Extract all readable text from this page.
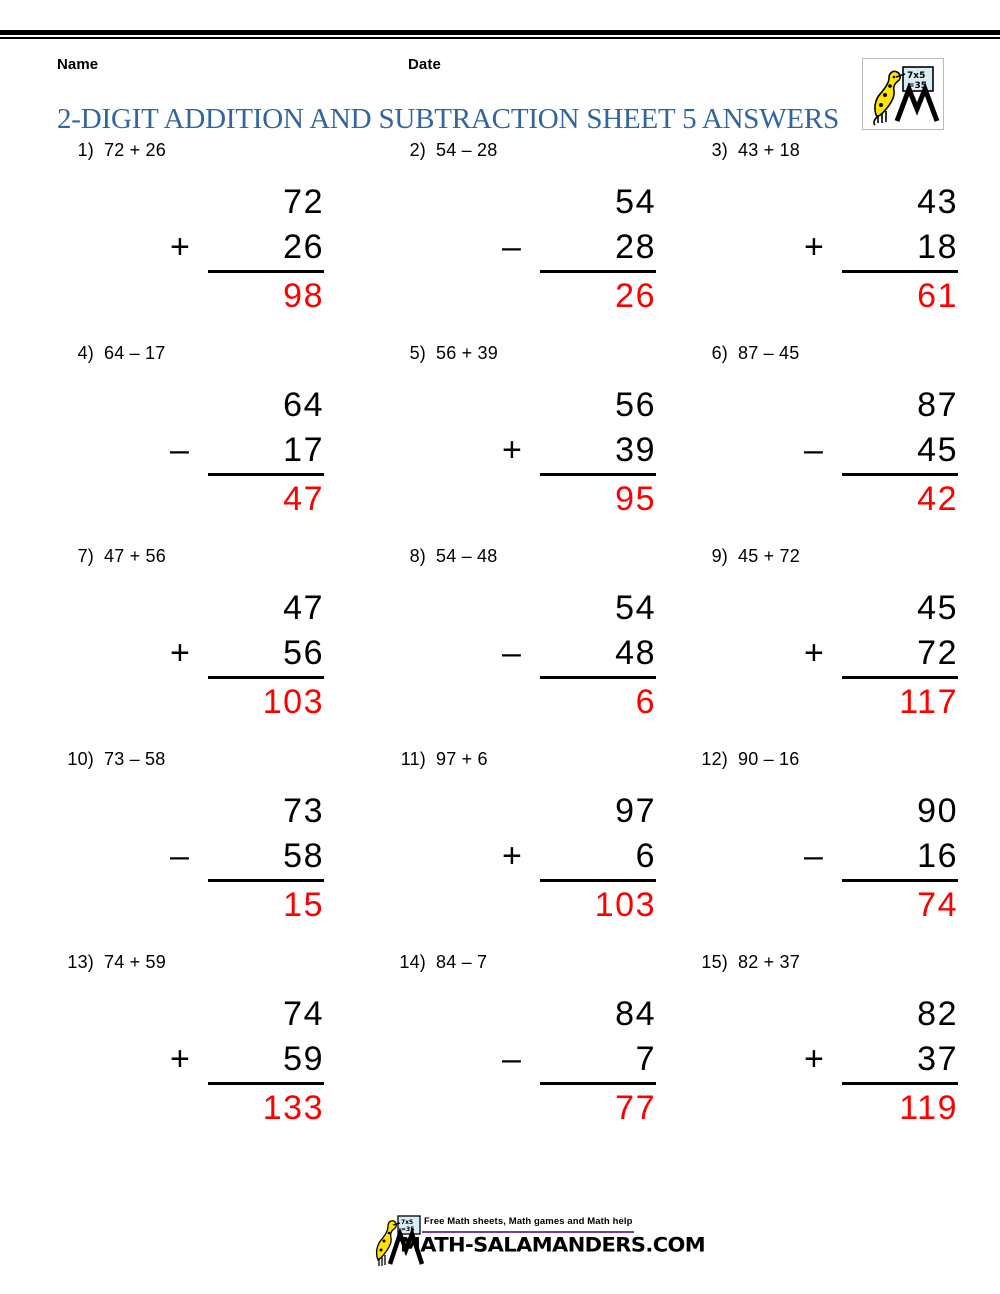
Name	Date
7x5
=35
2-DIGIT ADDITION AND SUBTRACTION SHEET 5 ANSWERS
1) 72 + 26
72
+	26
98
2) 54 – 28
54
–	28
26
3) 43 + 18
43
+	18
61
4) 64 – 17
64
–	17
47
5) 56 + 39
56
+	39
95
6) 87 – 45
87
–	45
42
7) 47 + 56
47
+	56
103
8) 54 – 48
54
–	48
6
9) 45 + 72
45
+	72
117
10) 73 – 58
73
–	58
15
11) 97 + 6
97
+	6
103
12) 90 – 16
90
–	16
74
13) 74 + 59
74
+	59
133
14) 84 – 7
84
–	7
77
15) 82 + 37
82
+	37
119
7x5
=35
Free Math sheets, Math games and Math help
MATH-SALAMANDERS.COM
